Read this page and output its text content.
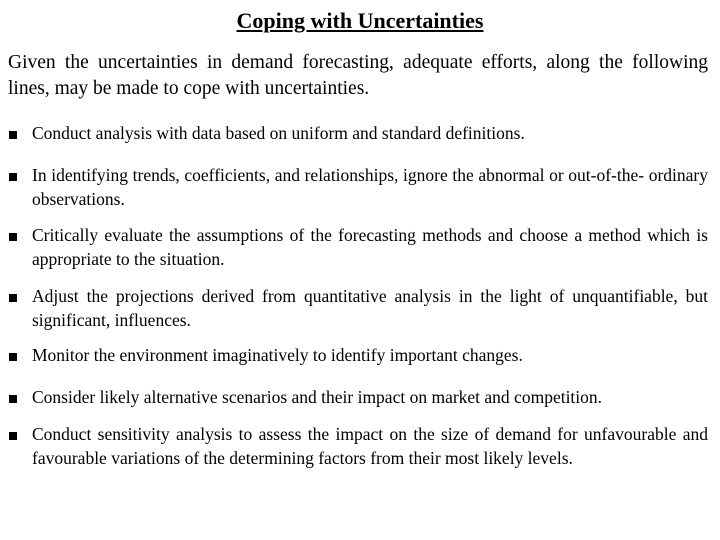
Coping with Uncertainties
Given the uncertainties in demand forecasting, adequate efforts, along the following lines, may be made to cope with uncertainties.
Conduct analysis with data based on uniform and standard definitions.
In identifying trends, coefficients, and relationships, ignore the abnormal or out-of-the- ordinary observations.
Critically evaluate the assumptions of the forecasting methods and choose a method which is appropriate to the situation.
Adjust the projections derived from quantitative analysis in the light of unquantifiable, but significant, influences.
Monitor the environment imaginatively to identify important changes.
Consider likely alternative scenarios and their impact on market and competition.
Conduct sensitivity analysis to assess the impact on the size of demand for unfavourable and favourable variations of the determining factors from their most likely levels.
